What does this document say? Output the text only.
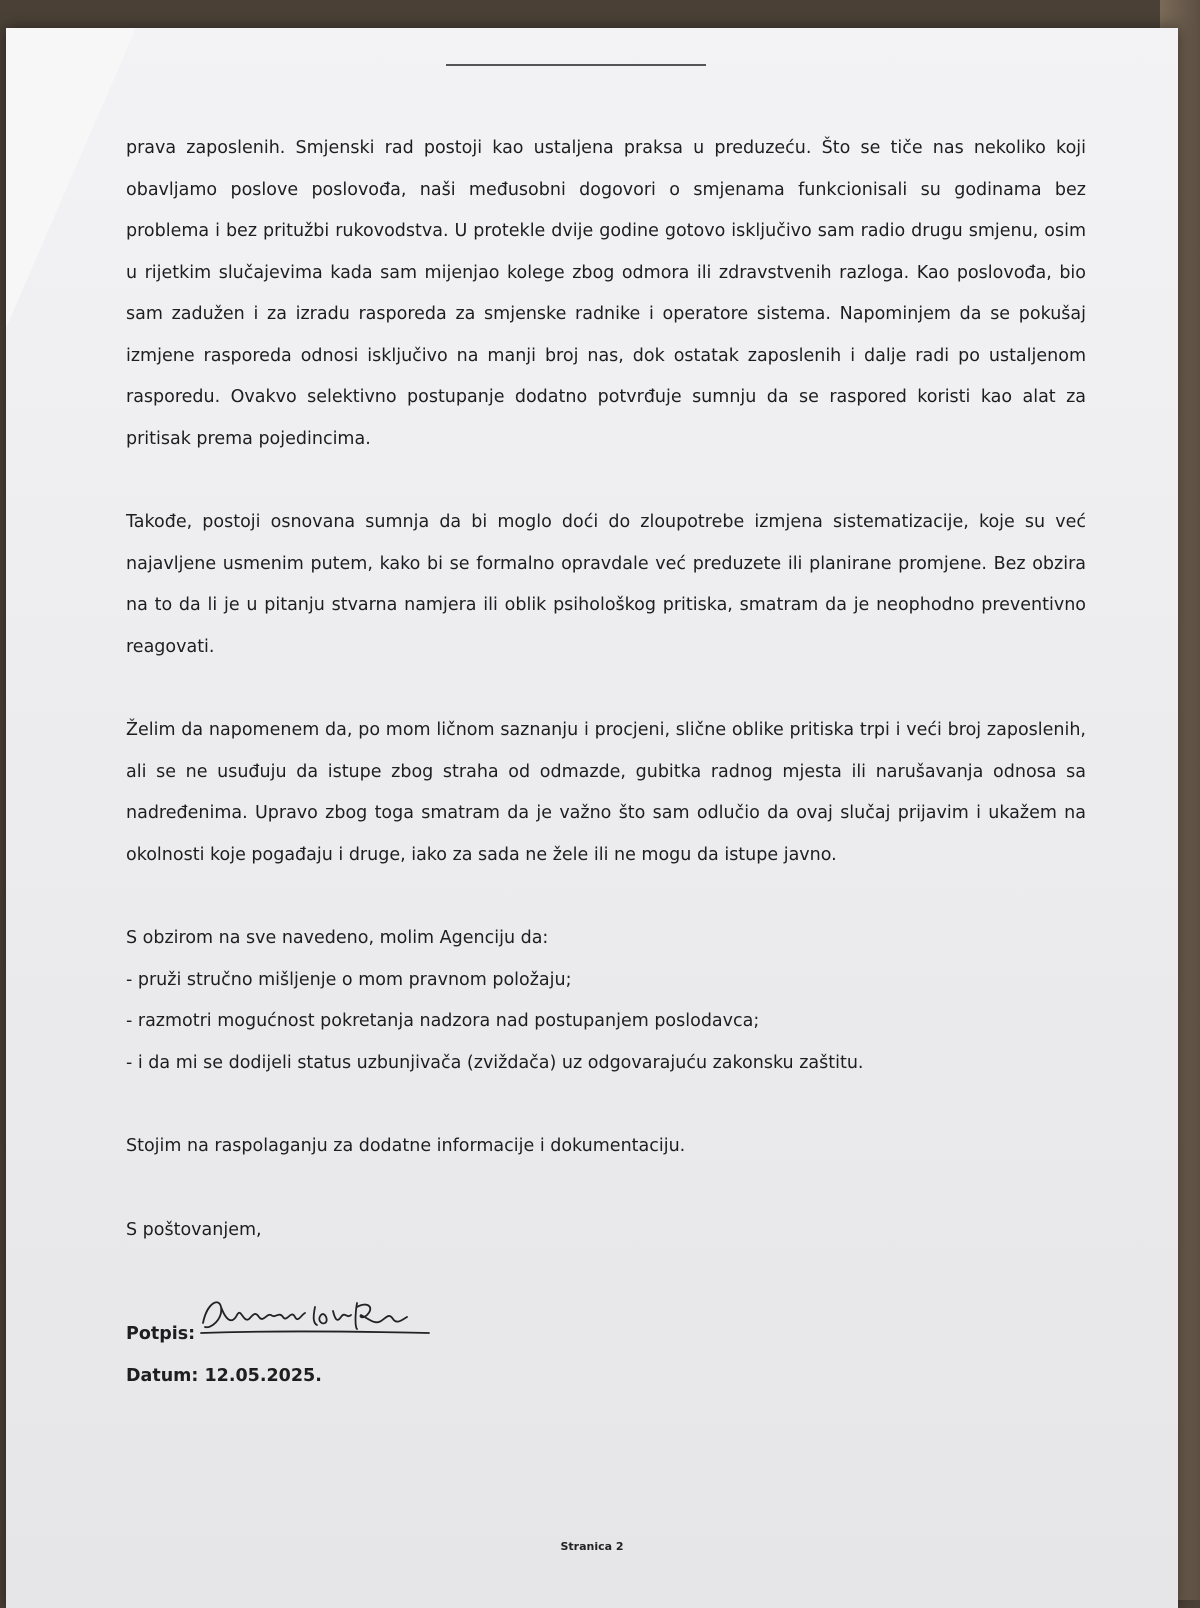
prava zaposlenih. Smjenski rad postoji kao ustaljena praksa u preduzeću. Što se tiče nas nekoliko koji obavljamo poslove poslovođa, naši međusobni dogovori o smjenama funkcionisali su godinama bez problema i bez pritužbi rukovodstva. U protekle dvije godine gotovo isključivo sam radio drugu smjenu, osim u rijetkim slučajevima kada sam mijenjao kolege zbog odmora ili zdravstvenih razloga. Kao poslovođa, bio sam zadužen i za izradu rasporeda za smjenske radnike i operatore sistema. Napominjem da se pokušaj izmjene rasporeda odnosi isključivo na manji broj nas, dok ostatak zaposlenih i dalje radi po ustaljenom rasporedu. Ovakvo selektivno postupanje dodatno potvrđuje sumnju da se raspored koristi kao alat za pritisak prema pojedincima.

Takođe, postoji osnovana sumnja da bi moglo doći do zloupotrebe izmjena sistematizacije, koje su već najavljene usmenim putem, kako bi se formalno opravdale već preduzete ili planirane promjene. Bez obzira na to da li je u pitanju stvarna namjera ili oblik psihološkog pritiska, smatram da je neophodno preventivno reagovati.

Želim da napomenem da, po mom ličnom saznanju i procjeni, slične oblike pritiska trpi i veći broj zaposlenih, ali se ne usuđuju da istupe zbog straha od odmazde, gubitka radnog mjesta ili narušavanja odnosa sa nadređenima. Upravo zbog toga smatram da je važno što sam odlučio da ovaj slučaj prijavim i ukažem na okolnosti koje pogađaju i druge, iako za sada ne žele ili ne mogu da istupe javno.

S obzirom na sve navedeno, molim Agenciju da:

- pruži stručno mišljenje o mom pravnom položaju;
- razmotri mogućnost pokretanja nadzora nad postupanjem poslodavca;
- i da mi se dodijeli status uzbunjivača (zviždača) uz odgovarajuću zakonsku zaštitu.

Stojim na raspolaganju za dodatne informacije i dokumentaciju.

S poštovanjem,

Potpis:
Datum: 12.05.2025.
Stranica 2
